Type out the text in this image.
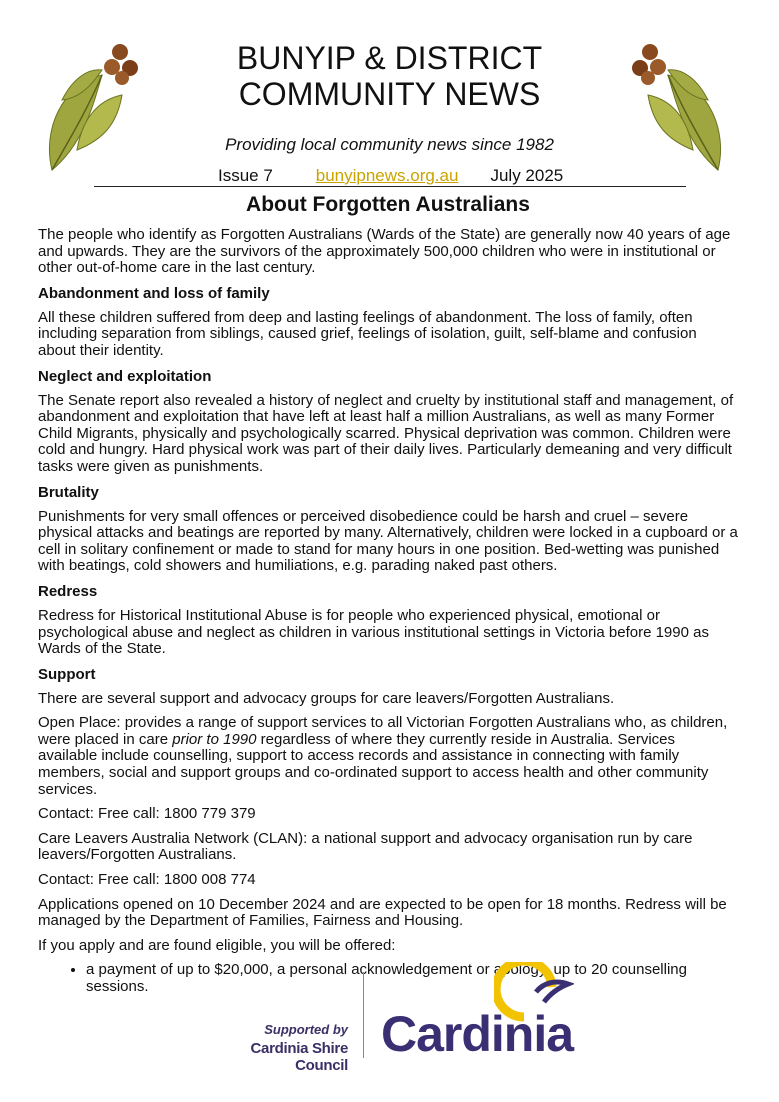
BUNYIP & DISTRICT
COMMUNITY NEWS
Providing local community news since 1982
Issue 7	bunyipnews.org.au July 2025
About Forgotten Australians

The people who identify as Forgotten Australians (Wards of the State) are generally now 40 years of age and upwards. They are the survivors of the approximately 500,000 children who were in institutional or other out-of-home care in the last century.

Abandonment and loss of family

All these children suffered from deep and lasting feelings of abandonment. The loss of family, often including separation from siblings, caused grief, feelings of isolation, guilt, self-blame and confusion about their identity.

Neglect and exploitation

The Senate report also revealed a history of neglect and cruelty by institutional staff and management, of abandonment and exploitation that have left at least half a million Australians, as well as many Former Child Migrants, physically and psychologically scarred. Physical deprivation was common. Children were cold and hungry. Hard physical work was part of their daily lives. Particularly demeaning and very difficult tasks were given as punishments.

Brutality

Punishments for very small offences or perceived disobedience could be harsh and cruel – severe physical attacks and beatings are reported by many. Alternatively, children were locked in a cupboard or a cell in solitary confinement or made to stand for many hours in one position. Bed-wetting was punished with beatings, cold showers and humiliations, e.g. parading naked past others.

Redress

Redress for Historical Institutional Abuse is for people who experienced physical, emotional or psychological abuse and neglect as children in various institutional settings in Victoria before 1990 as Wards of the State.

Support

There are several support and advocacy groups for care leavers/Forgotten Australians.

Open Place: provides a range of support services to all Victorian Forgotten Australians who, as children, were placed in care prior to 1990 regardless of where they currently reside in Australia. Services available include counselling, support to access records and assistance in connecting with family members, social and support groups and co-ordinated support to access health and other community services.

Contact: Free call: 1800 779 379

Care Leavers Australia Network (CLAN): a national support and advocacy organisation run by care leavers/Forgotten Australians.

Contact: Free call: 1800 008 774

Applications opened on 10 December 2024 and are expected to be open for 18 months. Redress will be managed by the Department of Families, Fairness and Housing.

If you apply and are found eligible, you will be offered:

• a payment of up to $20,000, a personal acknowledgement or apology, up to 20 counselling sessions.
Supported by
Cardinia Shire Council
Cardinia
